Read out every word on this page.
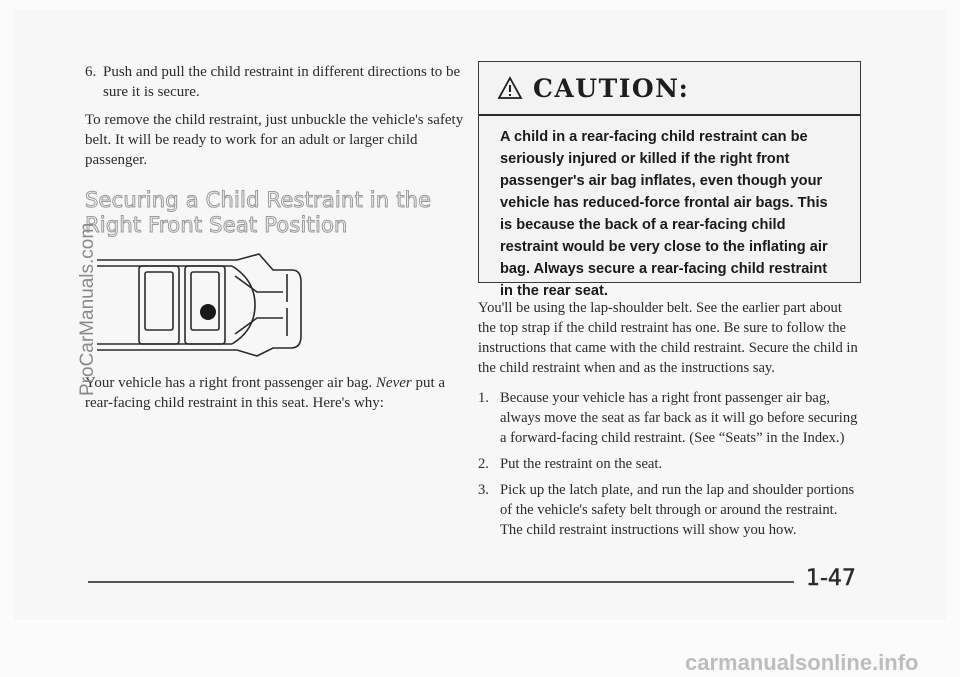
6. Push and pull the child restraint in different directions to be sure it is secure.

To remove the child restraint, just unbuckle the vehicle's safety belt. It will be ready to work for an adult or larger child passenger.

Securing a Child Restraint in the Right Front Seat Position
Your vehicle has a right front passenger air bag. Never put a rear-facing child restraint in this seat. Here's why:
CAUTION:
A child in a rear-facing child restraint can be seriously injured or killed if the right front passenger's air bag inflates, even though your vehicle has reduced-force frontal air bags. This is because the back of a rear-facing child restraint would be very close to the inflating air bag. Always secure a rear-facing child restraint in the rear seat.

You'll be using the lap-shoulder belt. See the earlier part about the top strap if the child restraint has one. Be sure to follow the instructions that came with the child restraint. Secure the child in the child restraint when and as the instructions say.

1. Because your vehicle has a right front passenger air bag, always move the seat as far back as it will go before securing a forward-facing child restraint. (See “Seats” in the Index.)
2. Put the restraint on the seat.
3. Pick up the latch plate, and run the lap and shoulder portions of the vehicle's safety belt through or around the restraint. The child restraint instructions will show you how.
1-47
ProCarManuals.com
carmanualsonline.info
